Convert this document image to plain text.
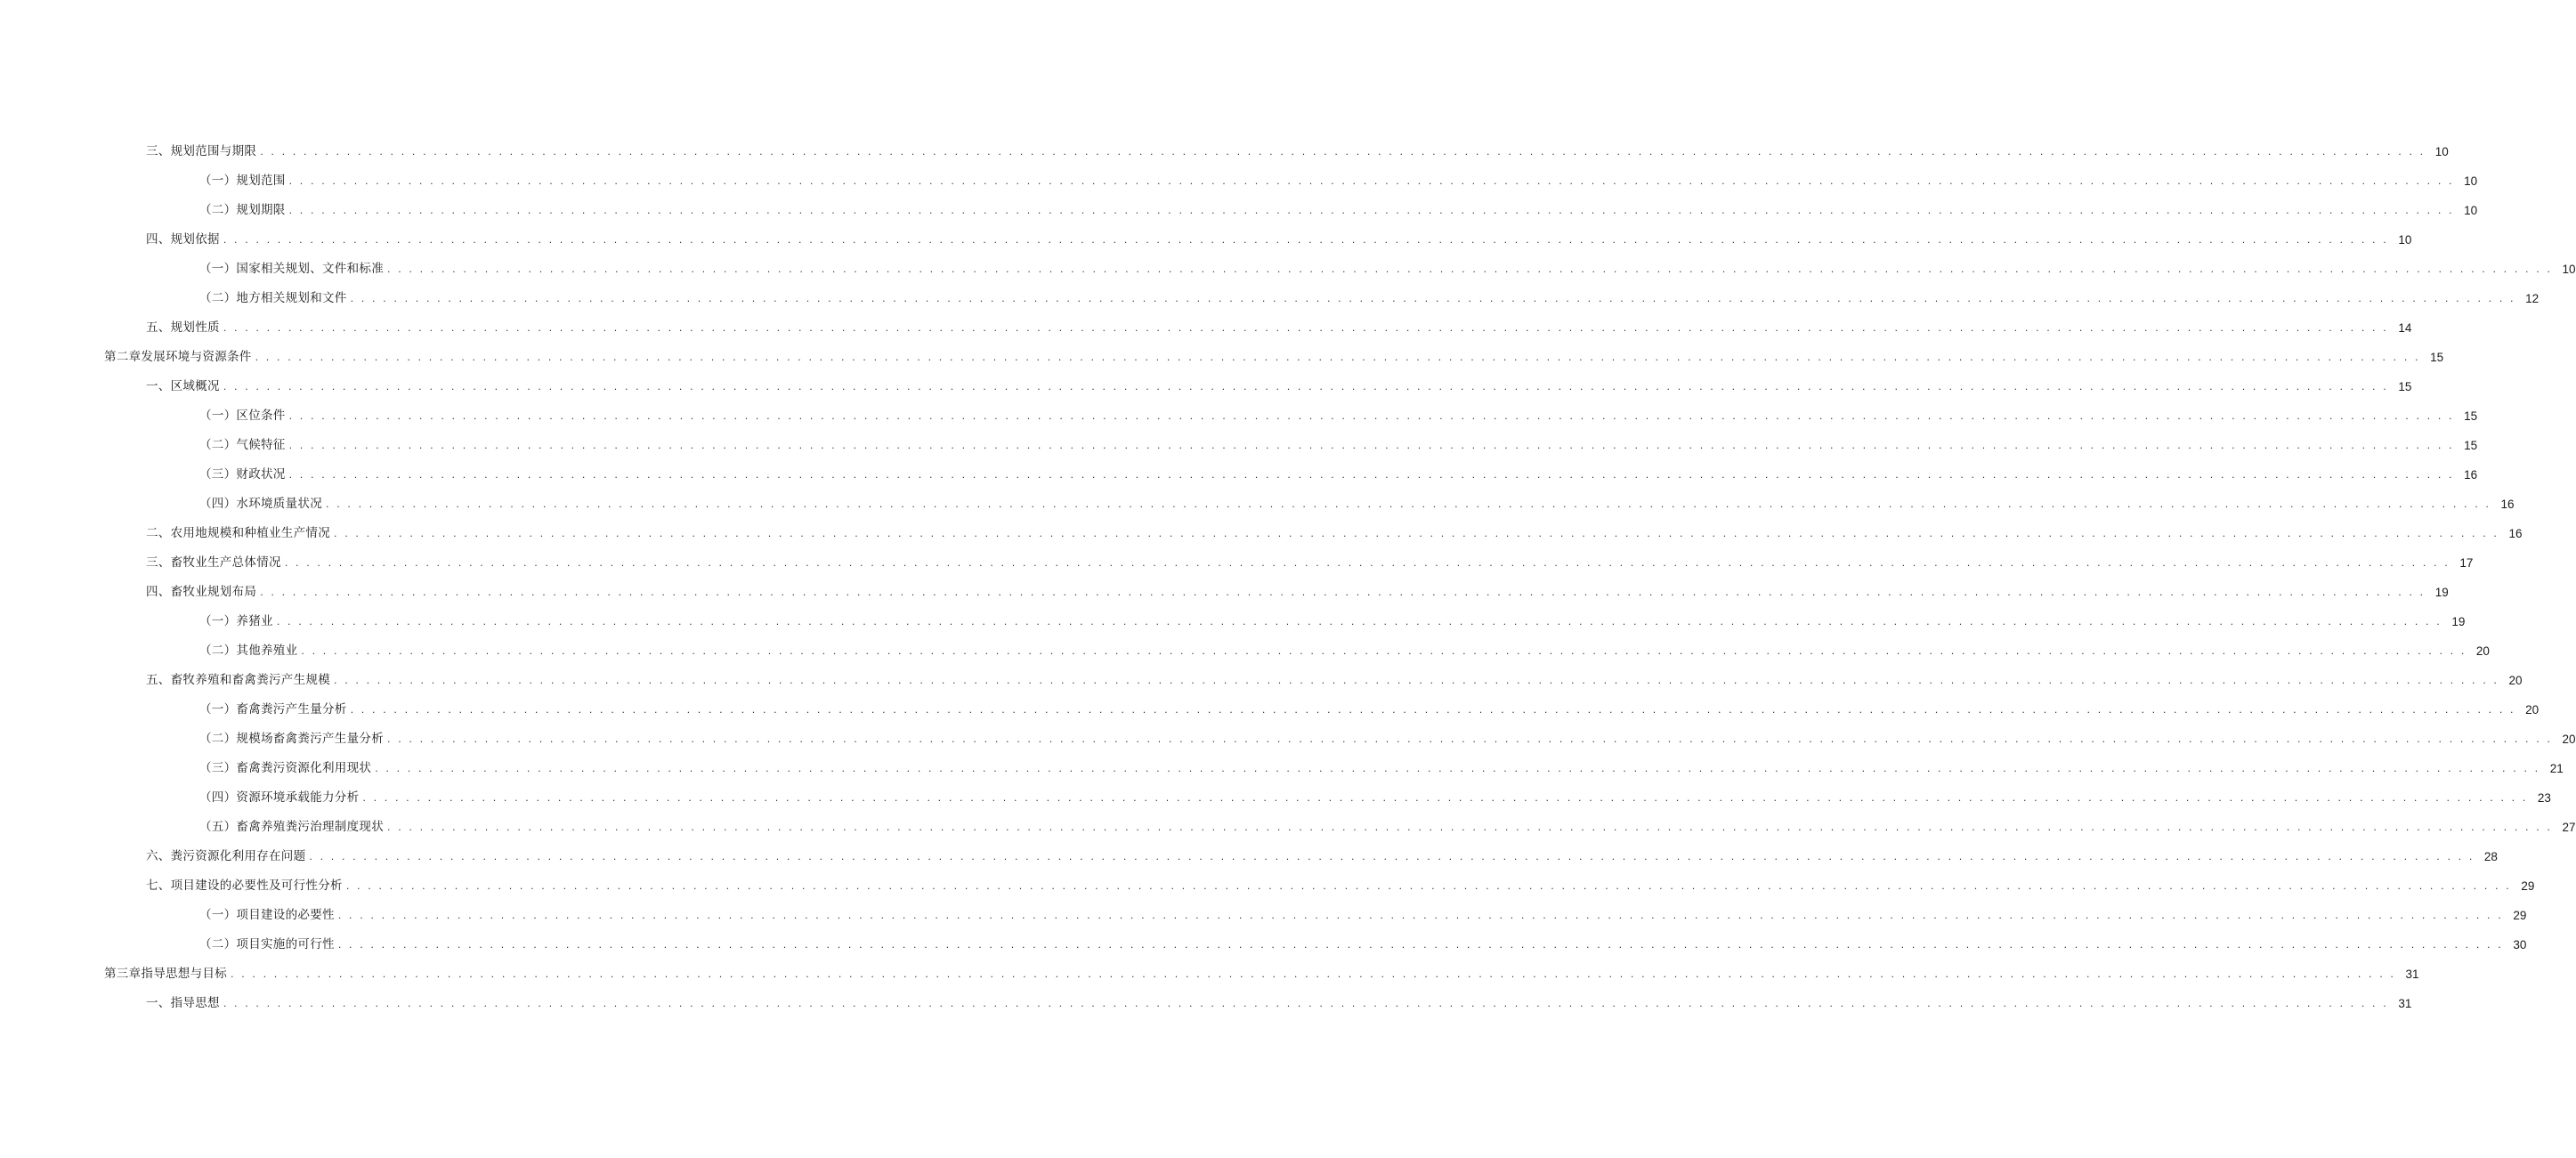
三、规划范围与期限 . . . . . . . . . . . . . . . . . . . . . . . . . . . . . . . . . . . . . . . . . . . . . . . . . . . . . . . . . . . . . . . . . . . . . . . . . . . . . . . . . . . . . . . . . . . . . . . . . . . . . . . . . . . . . . . . . . . . . . . . . . . . . . . . . . . . . . . . . . . . . . . . . . . . . . . . . . . . . . . . . . . . . . . . . . . . . . . . . . . . . . . . . . . . . . . . . . . . . . . . 10
（一）规划范围 . . . . . . . . . . . . . . . . . . . . . . . . . . . . . . . . . . . . . . . . . . . . . . . . . . . . . . . . . . . . . . . . . . . . . . . . . . . . . . . . . . . . . . . . . . . . . . . . . . . . . . . . . . . . . . . . . . . . . . . . . . . . . . . . . . . . . . . . . . . . . . . . . . . . . . . . . . . . . . . . . . . . . . . . . . . . . . . . . . . . . . . . . . . . . . . . . . . . . . . . 10
（二）规划期限 . . . . . . . . . . . . . . . . . . . . . . . . . . . . . . . . . . . . . . . . . . . . . . . . . . . . . . . . . . . . . . . . . . . . . . . . . . . . . . . . . . . . . . . . . . . . . . . . . . . . . . . . . . . . . . . . . . . . . . . . . . . . . . . . . . . . . . . . . . . . . . . . . . . . . . . . . . . . . . . . . . . . . . . . . . . . . . . . . . . . . . . . . . . . . . . . . . . . . . . . 10
四、规划依据 . . . . . . . . . . . . . . . . . . . . . . . . . . . . . . . . . . . . . . . . . . . . . . . . . . . . . . . . . . . . . . . . . . . . . . . . . . . . . . . . . . . . . . . . . . . . . . . . . . . . . . . . . . . . . . . . . . . . . . . . . . . . . . . . . . . . . . . . . . . . . . . . . . . . . . . . . . . . . . . . . . . . . . . . . . . . . . . . . . . . . . . . . . . . . . . . . . . . . . . . 10
（一）国家相关规划、文件和标准 . . . . . . . . . . . . . . . . . . . . . . . . . . . . . . . . . . . . . . . . . . . . . . . . . . . . . . . . . . . . . . . . . . . . . . . . . . . . . . . . . . . . . . . . . . . . . . . . . . . . . . . . . . . . . . . . . . . . . . . . . . . . . . . . . . . . . . . . . . . . . . . . . . . . . . . . . . . . . . . . . . . . . . . . . . . . . . . . . . . . . . . . . . . . . . . . . . . . . . . . 10
（二）地方相关规划和文件 . . . . . . . . . . . . . . . . . . . . . . . . . . . . . . . . . . . . . . . . . . . . . . . . . . . . . . . . . . . . . . . . . . . . . . . . . . . . . . . . . . . . . . . . . . . . . . . . . . . . . . . . . . . . . . . . . . . . . . . . . . . . . . . . . . . . . . . . . . . . . . . . . . . . . . . . . . . . . . . . . . . . . . . . . . . . . . . . . . . . . . . . . . . . . . . . . . . . . . . . 12
五、规划性质 . . . . . . . . . . . . . . . . . . . . . . . . . . . . . . . . . . . . . . . . . . . . . . . . . . . . . . . . . . . . . . . . . . . . . . . . . . . . . . . . . . . . . . . . . . . . . . . . . . . . . . . . . . . . . . . . . . . . . . . . . . . . . . . . . . . . . . . . . . . . . . . . . . . . . . . . . . . . . . . . . . . . . . . . . . . . . . . . . . . . . . . . . . . . . . . . . . . . . . . . 14
第二章发展环境与资源条件 . . . . . . . . . . . . . . . . . . . . . . . . . . . . . . . . . . . . . . . . . . . . . . . . . . . . . . . . . . . . . . . . . . . . . . . . . . . . . . . . . . . . . . . . . . . . . . . . . . . . . . . . . . . . . . . . . . . . . . . . . . . . . . . . . . . . . . . . . . . . . . . . . . . . . . . . . . . . . . . . . . . . . . . . . . . . . . . . . . . . . . . . . . . . . . . . . . . . . . . . 15
一、区域概况 . . . . . . . . . . . . . . . . . . . . . . . . . . . . . . . . . . . . . . . . . . . . . . . . . . . . . . . . . . . . . . . . . . . . . . . . . . . . . . . . . . . . . . . . . . . . . . . . . . . . . . . . . . . . . . . . . . . . . . . . . . . . . . . . . . . . . . . . . . . . . . . . . . . . . . . . . . . . . . . . . . . . . . . . . . . . . . . . . . . . . . . . . . . . . . . . . . . . . . . . 15
（一）区位条件 . . . . . . . . . . . . . . . . . . . . . . . . . . . . . . . . . . . . . . . . . . . . . . . . . . . . . . . . . . . . . . . . . . . . . . . . . . . . . . . . . . . . . . . . . . . . . . . . . . . . . . . . . . . . . . . . . . . . . . . . . . . . . . . . . . . . . . . . . . . . . . . . . . . . . . . . . . . . . . . . . . . . . . . . . . . . . . . . . . . . . . . . . . . . . . . . . . . . . . . . 15
（二）气候特征 . . . . . . . . . . . . . . . . . . . . . . . . . . . . . . . . . . . . . . . . . . . . . . . . . . . . . . . . . . . . . . . . . . . . . . . . . . . . . . . . . . . . . . . . . . . . . . . . . . . . . . . . . . . . . . . . . . . . . . . . . . . . . . . . . . . . . . . . . . . . . . . . . . . . . . . . . . . . . . . . . . . . . . . . . . . . . . . . . . . . . . . . . . . . . . . . . . . . . . . . 15
（三）财政状况 . . . . . . . . . . . . . . . . . . . . . . . . . . . . . . . . . . . . . . . . . . . . . . . . . . . . . . . . . . . . . . . . . . . . . . . . . . . . . . . . . . . . . . . . . . . . . . . . . . . . . . . . . . . . . . . . . . . . . . . . . . . . . . . . . . . . . . . . . . . . . . . . . . . . . . . . . . . . . . . . . . . . . . . . . . . . . . . . . . . . . . . . . . . . . . . . . . . . . . . . 16
（四）水环境质量状况 . . . . . . . . . . . . . . . . . . . . . . . . . . . . . . . . . . . . . . . . . . . . . . . . . . . . . . . . . . . . . . . . . . . . . . . . . . . . . . . . . . . . . . . . . . . . . . . . . . . . . . . . . . . . . . . . . . . . . . . . . . . . . . . . . . . . . . . . . . . . . . . . . . . . . . . . . . . . . . . . . . . . . . . . . . . . . . . . . . . . . . . . . . . . . . . . . . . . . . . . 16
二、农用地规模和种植业生产情况 . . . . . . . . . . . . . . . . . . . . . . . . . . . . . . . . . . . . . . . . . . . . . . . . . . . . . . . . . . . . . . . . . . . . . . . . . . . . . . . . . . . . . . . . . . . . . . . . . . . . . . . . . . . . . . . . . . . . . . . . . . . . . . . . . . . . . . . . . . . . . . . . . . . . . . . . . . . . . . . . . . . . . . . . . . . . . . . . . . . . . . . . . . . . . . . . . . . . . . . . 16
三、畜牧业生产总体情况 . . . . . . . . . . . . . . . . . . . . . . . . . . . . . . . . . . . . . . . . . . . . . . . . . . . . . . . . . . . . . . . . . . . . . . . . . . . . . . . . . . . . . . . . . . . . . . . . . . . . . . . . . . . . . . . . . . . . . . . . . . . . . . . . . . . . . . . . . . . . . . . . . . . . . . . . . . . . . . . . . . . . . . . . . . . . . . . . . . . . . . . . . . . . . . . . . . . . . . . . 17
四、畜牧业规划布局 . . . . . . . . . . . . . . . . . . . . . . . . . . . . . . . . . . . . . . . . . . . . . . . . . . . . . . . . . . . . . . . . . . . . . . . . . . . . . . . . . . . . . . . . . . . . . . . . . . . . . . . . . . . . . . . . . . . . . . . . . . . . . . . . . . . . . . . . . . . . . . . . . . . . . . . . . . . . . . . . . . . . . . . . . . . . . . . . . . . . . . . . . . . . . . . . . . . . . . . . 19
（一）养猪业 . . . . . . . . . . . . . . . . . . . . . . . . . . . . . . . . . . . . . . . . . . . . . . . . . . . . . . . . . . . . . . . . . . . . . . . . . . . . . . . . . . . . . . . . . . . . . . . . . . . . . . . . . . . . . . . . . . . . . . . . . . . . . . . . . . . . . . . . . . . . . . . . . . . . . . . . . . . . . . . . . . . . . . . . . . . . . . . . . . . . . . . . . . . . . . . . . . . . . . . . 19
（二）其他养殖业 . . . . . . . . . . . . . . . . . . . . . . . . . . . . . . . . . . . . . . . . . . . . . . . . . . . . . . . . . . . . . . . . . . . . . . . . . . . . . . . . . . . . . . . . . . . . . . . . . . . . . . . . . . . . . . . . . . . . . . . . . . . . . . . . . . . . . . . . . . . . . . . . . . . . . . . . . . . . . . . . . . . . . . . . . . . . . . . . . . . . . . . . . . . . . . . . . . . . . . . . 20
五、畜牧养殖和畜禽粪污产生规模 . . . . . . . . . . . . . . . . . . . . . . . . . . . . . . . . . . . . . . . . . . . . . . . . . . . . . . . . . . . . . . . . . . . . . . . . . . . . . . . . . . . . . . . . . . . . . . . . . . . . . . . . . . . . . . . . . . . . . . . . . . . . . . . . . . . . . . . . . . . . . . . . . . . . . . . . . . . . . . . . . . . . . . . . . . . . . . . . . . . . . . . . . . . . . . . . . . . . . . . . 20
（一）畜禽粪污产生量分析 . . . . . . . . . . . . . . . . . . . . . . . . . . . . . . . . . . . . . . . . . . . . . . . . . . . . . . . . . . . . . . . . . . . . . . . . . . . . . . . . . . . . . . . . . . . . . . . . . . . . . . . . . . . . . . . . . . . . . . . . . . . . . . . . . . . . . . . . . . . . . . . . . . . . . . . . . . . . . . . . . . . . . . . . . . . . . . . . . . . . . . . . . . . . . . . . . . . . . . . . 20
（二）规模场畜禽粪污产生量分析 . . . . . . . . . . . . . . . . . . . . . . . . . . . . . . . . . . . . . . . . . . . . . . . . . . . . . . . . . . . . . . . . . . . . . . . . . . . . . . . . . . . . . . . . . . . . . . . . . . . . . . . . . . . . . . . . . . . . . . . . . . . . . . . . . . . . . . . . . . . . . . . . . . . . . . . . . . . . . . . . . . . . . . . . . . . . . . . . . . . . . . . . . . . . . . . . . . . . . . . . 20
（三）畜禽粪污资源化利用现状 . . . . . . . . . . . . . . . . . . . . . . . . . . . . . . . . . . . . . . . . . . . . . . . . . . . . . . . . . . . . . . . . . . . . . . . . . . . . . . . . . . . . . . . . . . . . . . . . . . . . . . . . . . . . . . . . . . . . . . . . . . . . . . . . . . . . . . . . . . . . . . . . . . . . . . . . . . . . . . . . . . . . . . . . . . . . . . . . . . . . . . . . . . . . . . . . . . . . . . . . 21
（四）资源环境承载能力分析 . . . . . . . . . . . . . . . . . . . . . . . . . . . . . . . . . . . . . . . . . . . . . . . . . . . . . . . . . . . . . . . . . . . . . . . . . . . . . . . . . . . . . . . . . . . . . . . . . . . . . . . . . . . . . . . . . . . . . . . . . . . . . . . . . . . . . . . . . . . . . . . . . . . . . . . . . . . . . . . . . . . . . . . . . . . . . . . . . . . . . . . . . . . . . . . . . . . . . . . . 23
（五）畜禽养殖粪污治理制度现状 . . . . . . . . . . . . . . . . . . . . . . . . . . . . . . . . . . . . . . . . . . . . . . . . . . . . . . . . . . . . . . . . . . . . . . . . . . . . . . . . . . . . . . . . . . . . . . . . . . . . . . . . . . . . . . . . . . . . . . . . . . . . . . . . . . . . . . . . . . . . . . . . . . . . . . . . . . . . . . . . . . . . . . . . . . . . . . . . . . . . . . . . . . . . . . . . . . . . . . . . 27
六、粪污资源化利用存在问题 . . . . . . . . . . . . . . . . . . . . . . . . . . . . . . . . . . . . . . . . . . . . . . . . . . . . . . . . . . . . . . . . . . . . . . . . . . . . . . . . . . . . . . . . . . . . . . . . . . . . . . . . . . . . . . . . . . . . . . . . . . . . . . . . . . . . . . . . . . . . . . . . . . . . . . . . . . . . . . . . . . . . . . . . . . . . . . . . . . . . . . . . . . . . . . . . . . . . . . . . 28
七、项目建设的必要性及可行性分析 . . . . . . . . . . . . . . . . . . . . . . . . . . . . . . . . . . . . . . . . . . . . . . . . . . . . . . . . . . . . . . . . . . . . . . . . . . . . . . . . . . . . . . . . . . . . . . . . . . . . . . . . . . . . . . . . . . . . . . . . . . . . . . . . . . . . . . . . . . . . . . . . . . . . . . . . . . . . . . . . . . . . . . . . . . . . . . . . . . . . . . . . . . . . . . . . . . . . . . . . 29
（一）项目建设的必要性 . . . . . . . . . . . . . . . . . . . . . . . . . . . . . . . . . . . . . . . . . . . . . . . . . . . . . . . . . . . . . . . . . . . . . . . . . . . . . . . . . . . . . . . . . . . . . . . . . . . . . . . . . . . . . . . . . . . . . . . . . . . . . . . . . . . . . . . . . . . . . . . . . . . . . . . . . . . . . . . . . . . . . . . . . . . . . . . . . . . . . . . . . . . . . . . . . . . . . . . . 29
（二）项目实施的可行性 . . . . . . . . . . . . . . . . . . . . . . . . . . . . . . . . . . . . . . . . . . . . . . . . . . . . . . . . . . . . . . . . . . . . . . . . . . . . . . . . . . . . . . . . . . . . . . . . . . . . . . . . . . . . . . . . . . . . . . . . . . . . . . . . . . . . . . . . . . . . . . . . . . . . . . . . . . . . . . . . . . . . . . . . . . . . . . . . . . . . . . . . . . . . . . . . . . . . . . . . 30
第三章指导思想与目标 . . . . . . . . . . . . . . . . . . . . . . . . . . . . . . . . . . . . . . . . . . . . . . . . . . . . . . . . . . . . . . . . . . . . . . . . . . . . . . . . . . . . . . . . . . . . . . . . . . . . . . . . . . . . . . . . . . . . . . . . . . . . . . . . . . . . . . . . . . . . . . . . . . . . . . . . . . . . . . . . . . . . . . . . . . . . . . . . . . . . . . . . . . . . . . . . . . . . . . . . 31
一、指导思想 . . . . . . . . . . . . . . . . . . . . . . . . . . . . . . . . . . . . . . . . . . . . . . . . . . . . . . . . . . . . . . . . . . . . . . . . . . . . . . . . . . . . . . . . . . . . . . . . . . . . . . . . . . . . . . . . . . . . . . . . . . . . . . . . . . . . . . . . . . . . . . . . . . . . . . . . . . . . . . . . . . . . . . . . . . . . . . . . . . . . . . . . . . . . . . . . . . . . . . . . 31
